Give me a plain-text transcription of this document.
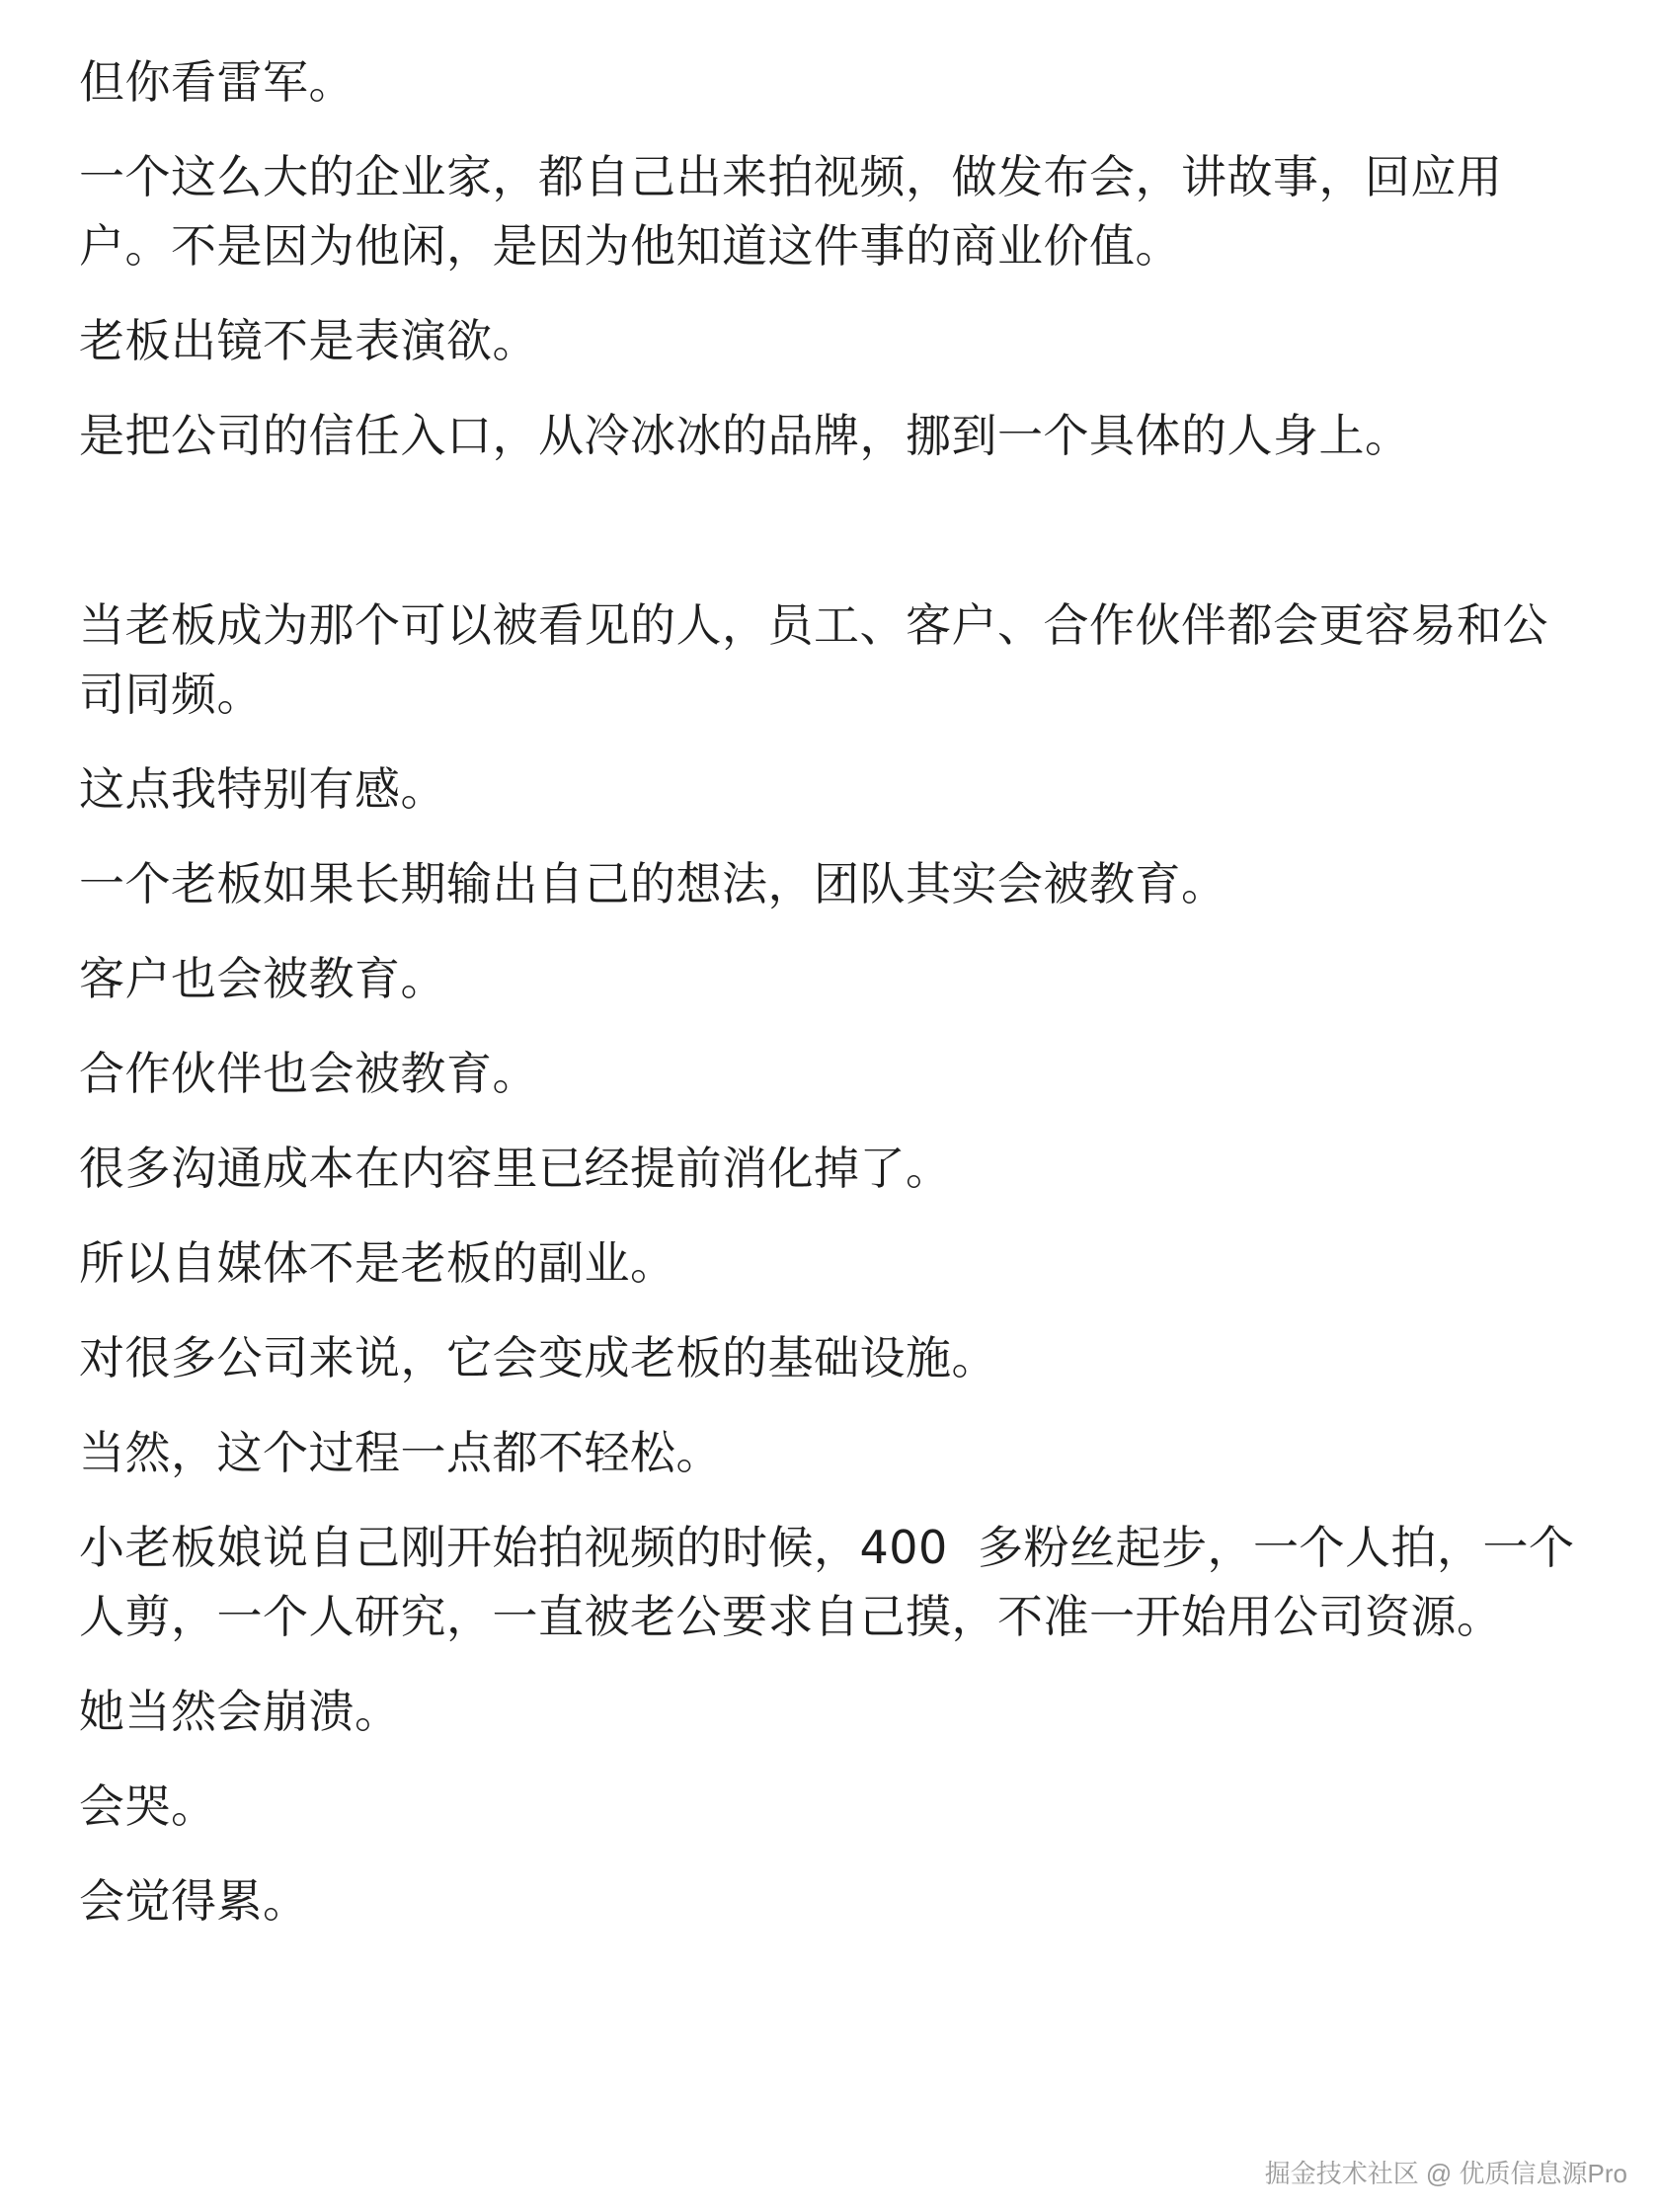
但你看雷军。

一个这么大的企业家，都自己出来拍视频，做发布会，讲故事，回应用户。不是因为他闲，是因为他知道这件事的商业价值。

老板出镜不是表演欲。

是把公司的信任入口，从冷冰冰的品牌，挪到一个具体的人身上。

当老板成为那个可以被看见的人，员工、客户、合作伙伴都会更容易和公司同频。

这点我特别有感。

一个老板如果长期输出自己的想法，团队其实会被教育。

客户也会被教育。

合作伙伴也会被教育。

很多沟通成本在内容里已经提前消化掉了。

所以自媒体不是老板的副业。

对很多公司来说，它会变成老板的基础设施。

当然，这个过程一点都不轻松。

小老板娘说自己刚开始拍视频的时候，400  多粉丝起步，一个人拍，一个人剪，一个人研究，一直被老公要求自己摸，不准一开始用公司资源。

她当然会崩溃。

会哭。

会觉得累。

掘金技术社区 @ 优质信息源Pro
